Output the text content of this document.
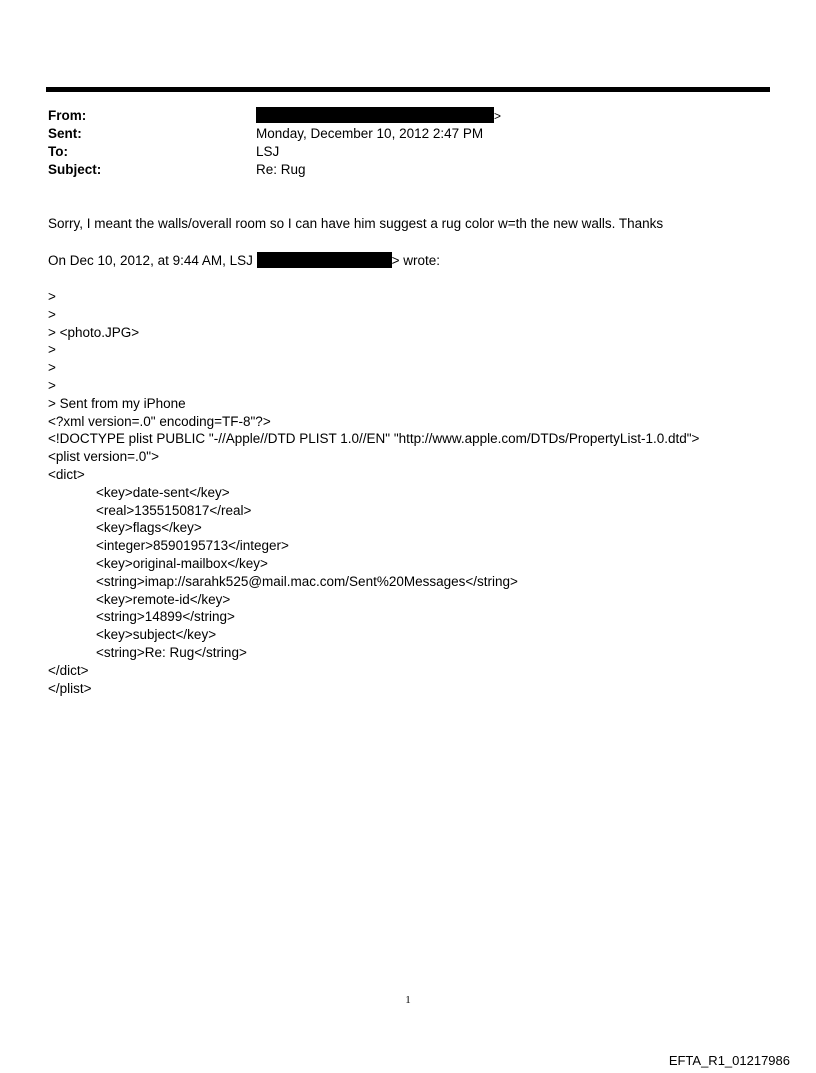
From:	>
Sent:	Monday, December 10, 2012 2:47 PM
To:	LSJ
Subject:	Re: Rug
Sorry, I meant the walls/overall room so I can have him suggest a rug color w=th the new walls. Thanks
On Dec 10, 2012, at 9:44 AM, LSJ	> wrote:
>
>
> <photo.JPG>
>
>
>
> Sent from my iPhone
<?xml version=.0" encoding=TF-8"?>
<!DOCTYPE plist PUBLIC "-//Apple//DTD PLIST 1.0//EN" "http://www.apple.com/DTDs/PropertyList-1.0.dtd">
<plist version=.0">
<dict>
<key>date-sent</key>
<real>1355150817</real>
<key>flags</key>
<integer>8590195713</integer>
<key>original-mailbox</key>
<string>imap://sarahk525@mail.mac.com/Sent%20Messages</string>
<key>remote-id</key>
<string>14899</string>
<key>subject</key>
<string>Re: Rug</string>
</dict>
</plist>
1
EFTA_R1_01217986
